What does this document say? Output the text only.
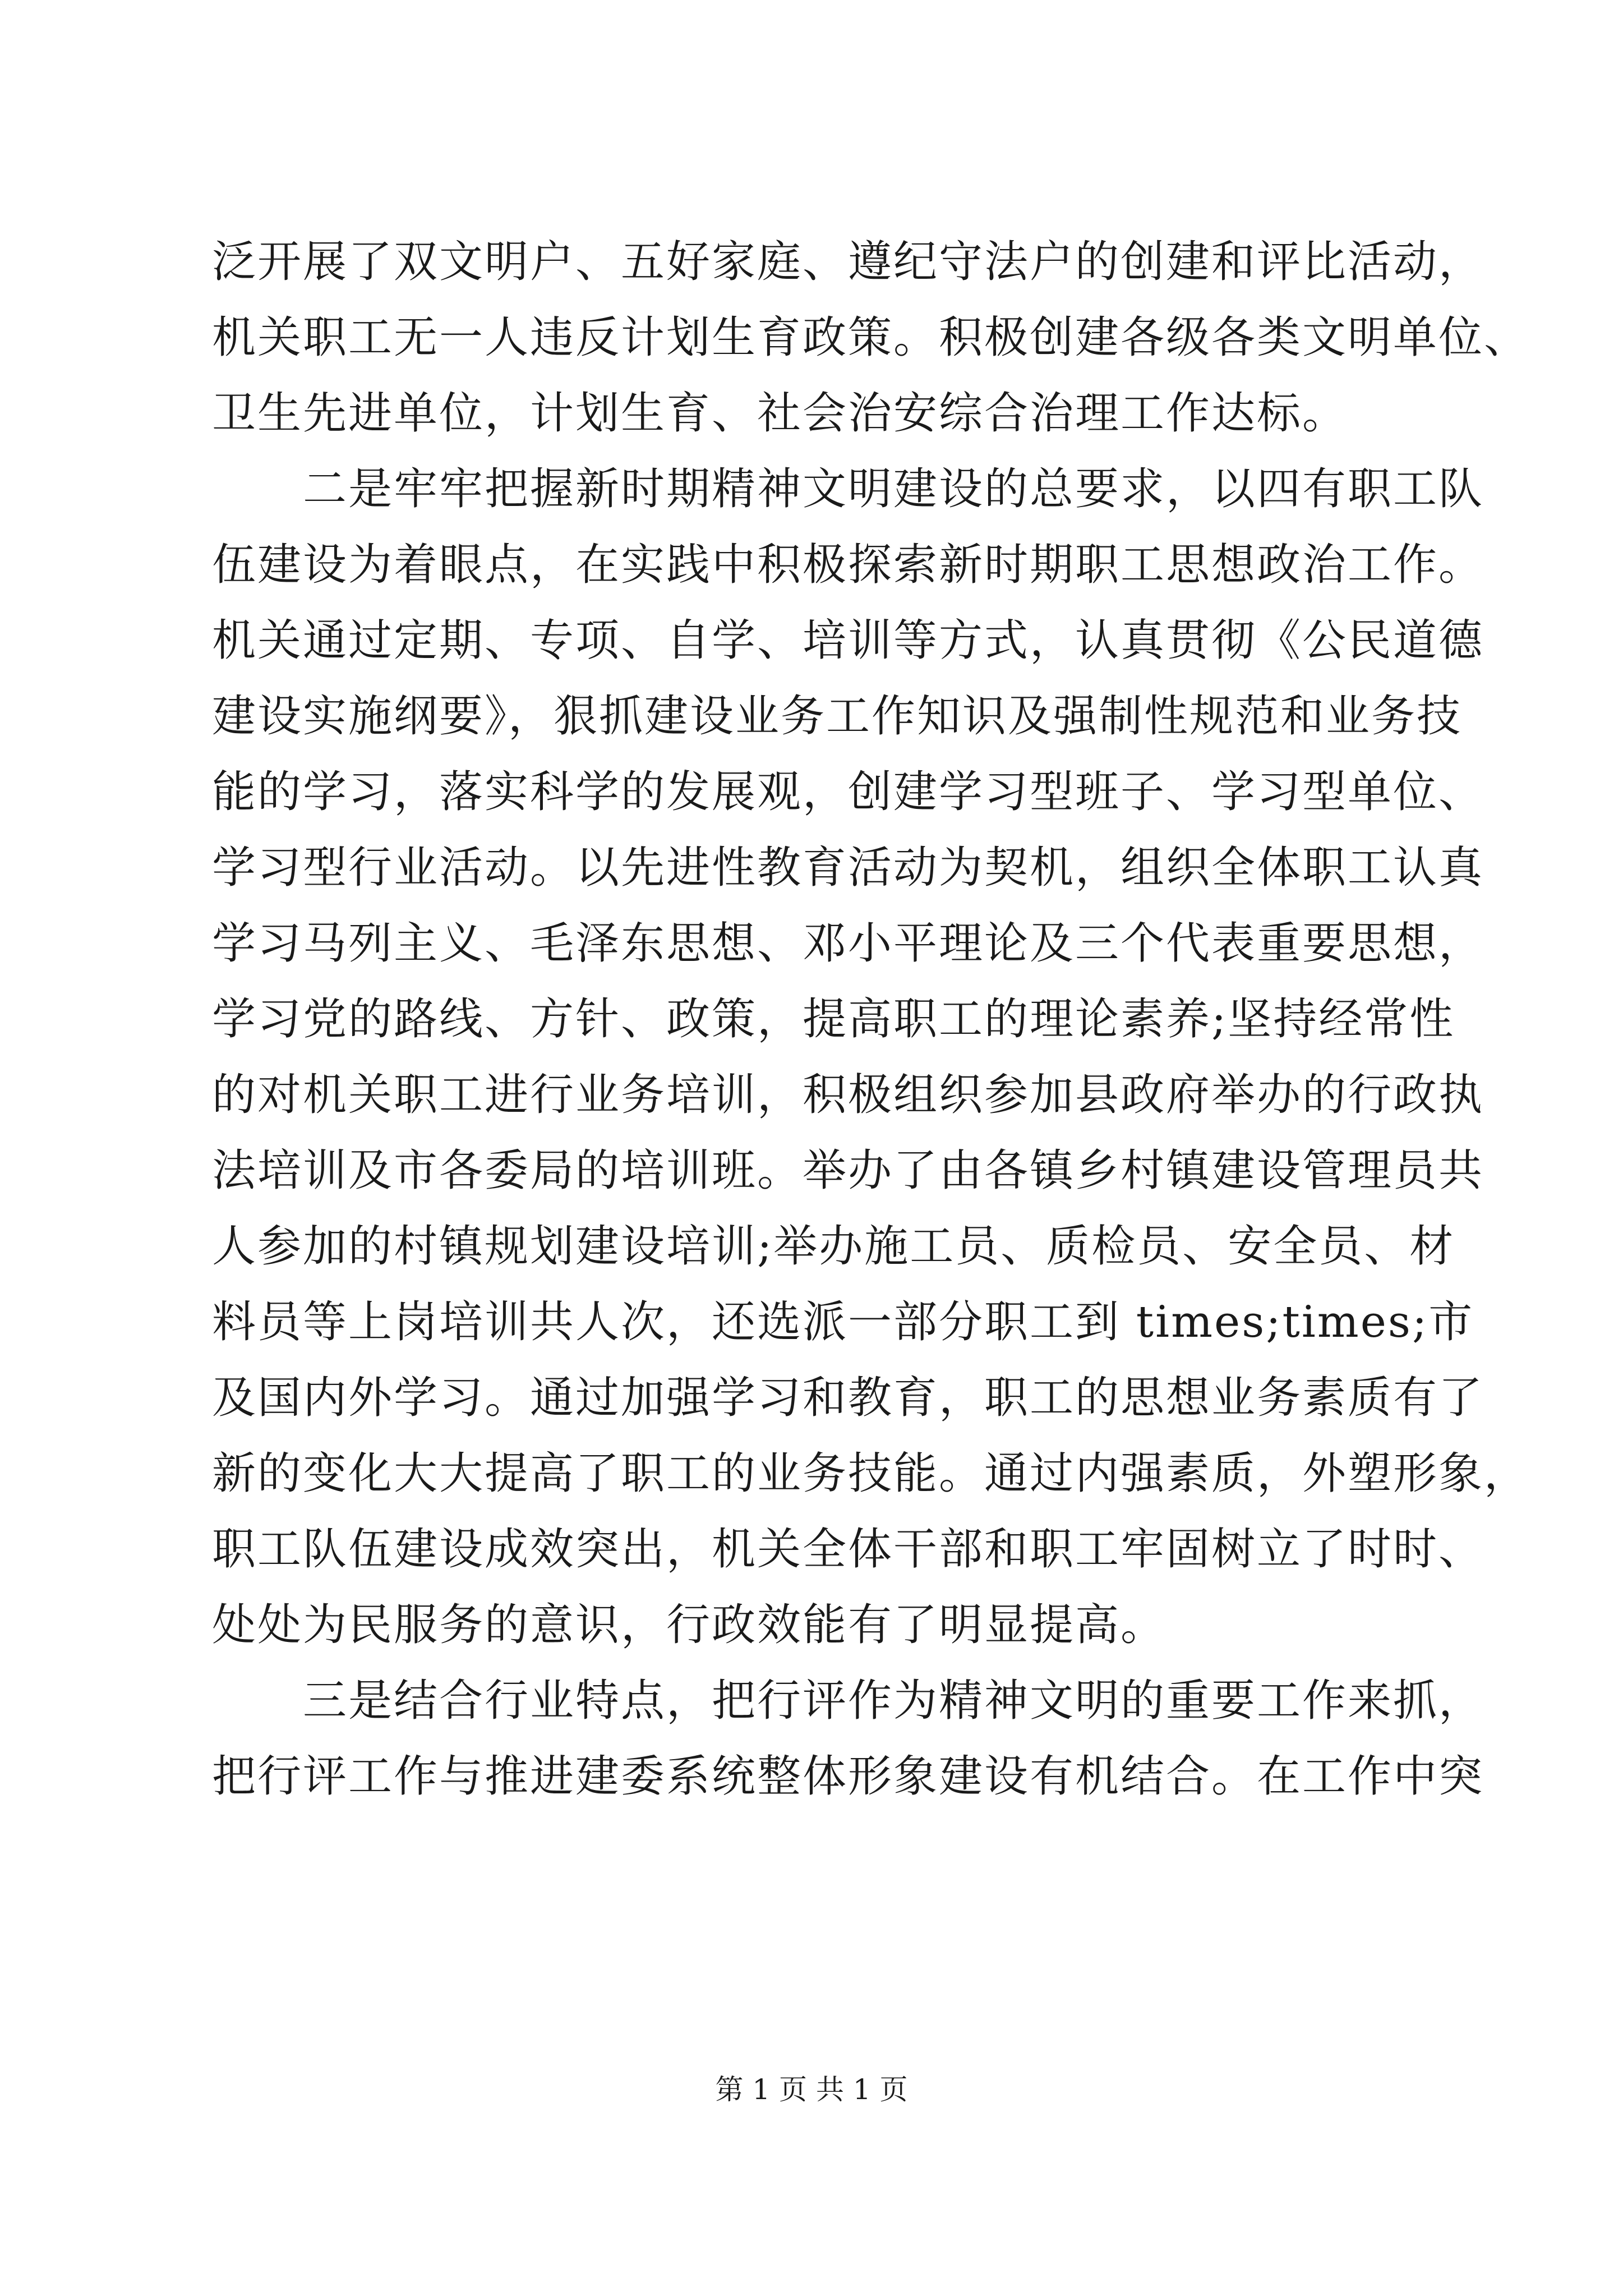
泛开展了双文明户、五好家庭、遵纪守法户的创建和评比活动，
机关职工无一人违反计划生育政策。积极创建各级各类文明单位、
卫生先进单位，计划生育、社会治安综合治理工作达标。
　　二是牢牢把握新时期精神文明建设的总要求，以四有职工队
伍建设为着眼点，在实践中积极探索新时期职工思想政治工作。
机关通过定期、专项、自学、培训等方式，认真贯彻《公民道德
建设实施纲要》，狠抓建设业务工作知识及强制性规范和业务技
能的学习，落实科学的发展观，创建学习型班子、学习型单位、
学习型行业活动。以先进性教育活动为契机，组织全体职工认真
学习马列主义、毛泽东思想、邓小平理论及三个代表重要思想，
学习党的路线、方针、政策，提高职工的理论素养;坚持经常性
的对机关职工进行业务培训，积极组织参加县政府举办的行政执
法培训及市各委局的培训班。举办了由各镇乡村镇建设管理员共
人参加的村镇规划建设培训;举办施工员、质检员、安全员、材
料员等上岗培训共人次，还选派一部分职工到 times;times;市
及国内外学习。通过加强学习和教育，职工的思想业务素质有了
新的变化大大提高了职工的业务技能。通过内强素质，外塑形象，
职工队伍建设成效突出，机关全体干部和职工牢固树立了时时、
处处为民服务的意识，行政效能有了明显提高。
　　三是结合行业特点，把行评作为精神文明的重要工作来抓，
把行评工作与推进建委系统整体形象建设有机结合。在工作中突
第 1 页 共 1 页
